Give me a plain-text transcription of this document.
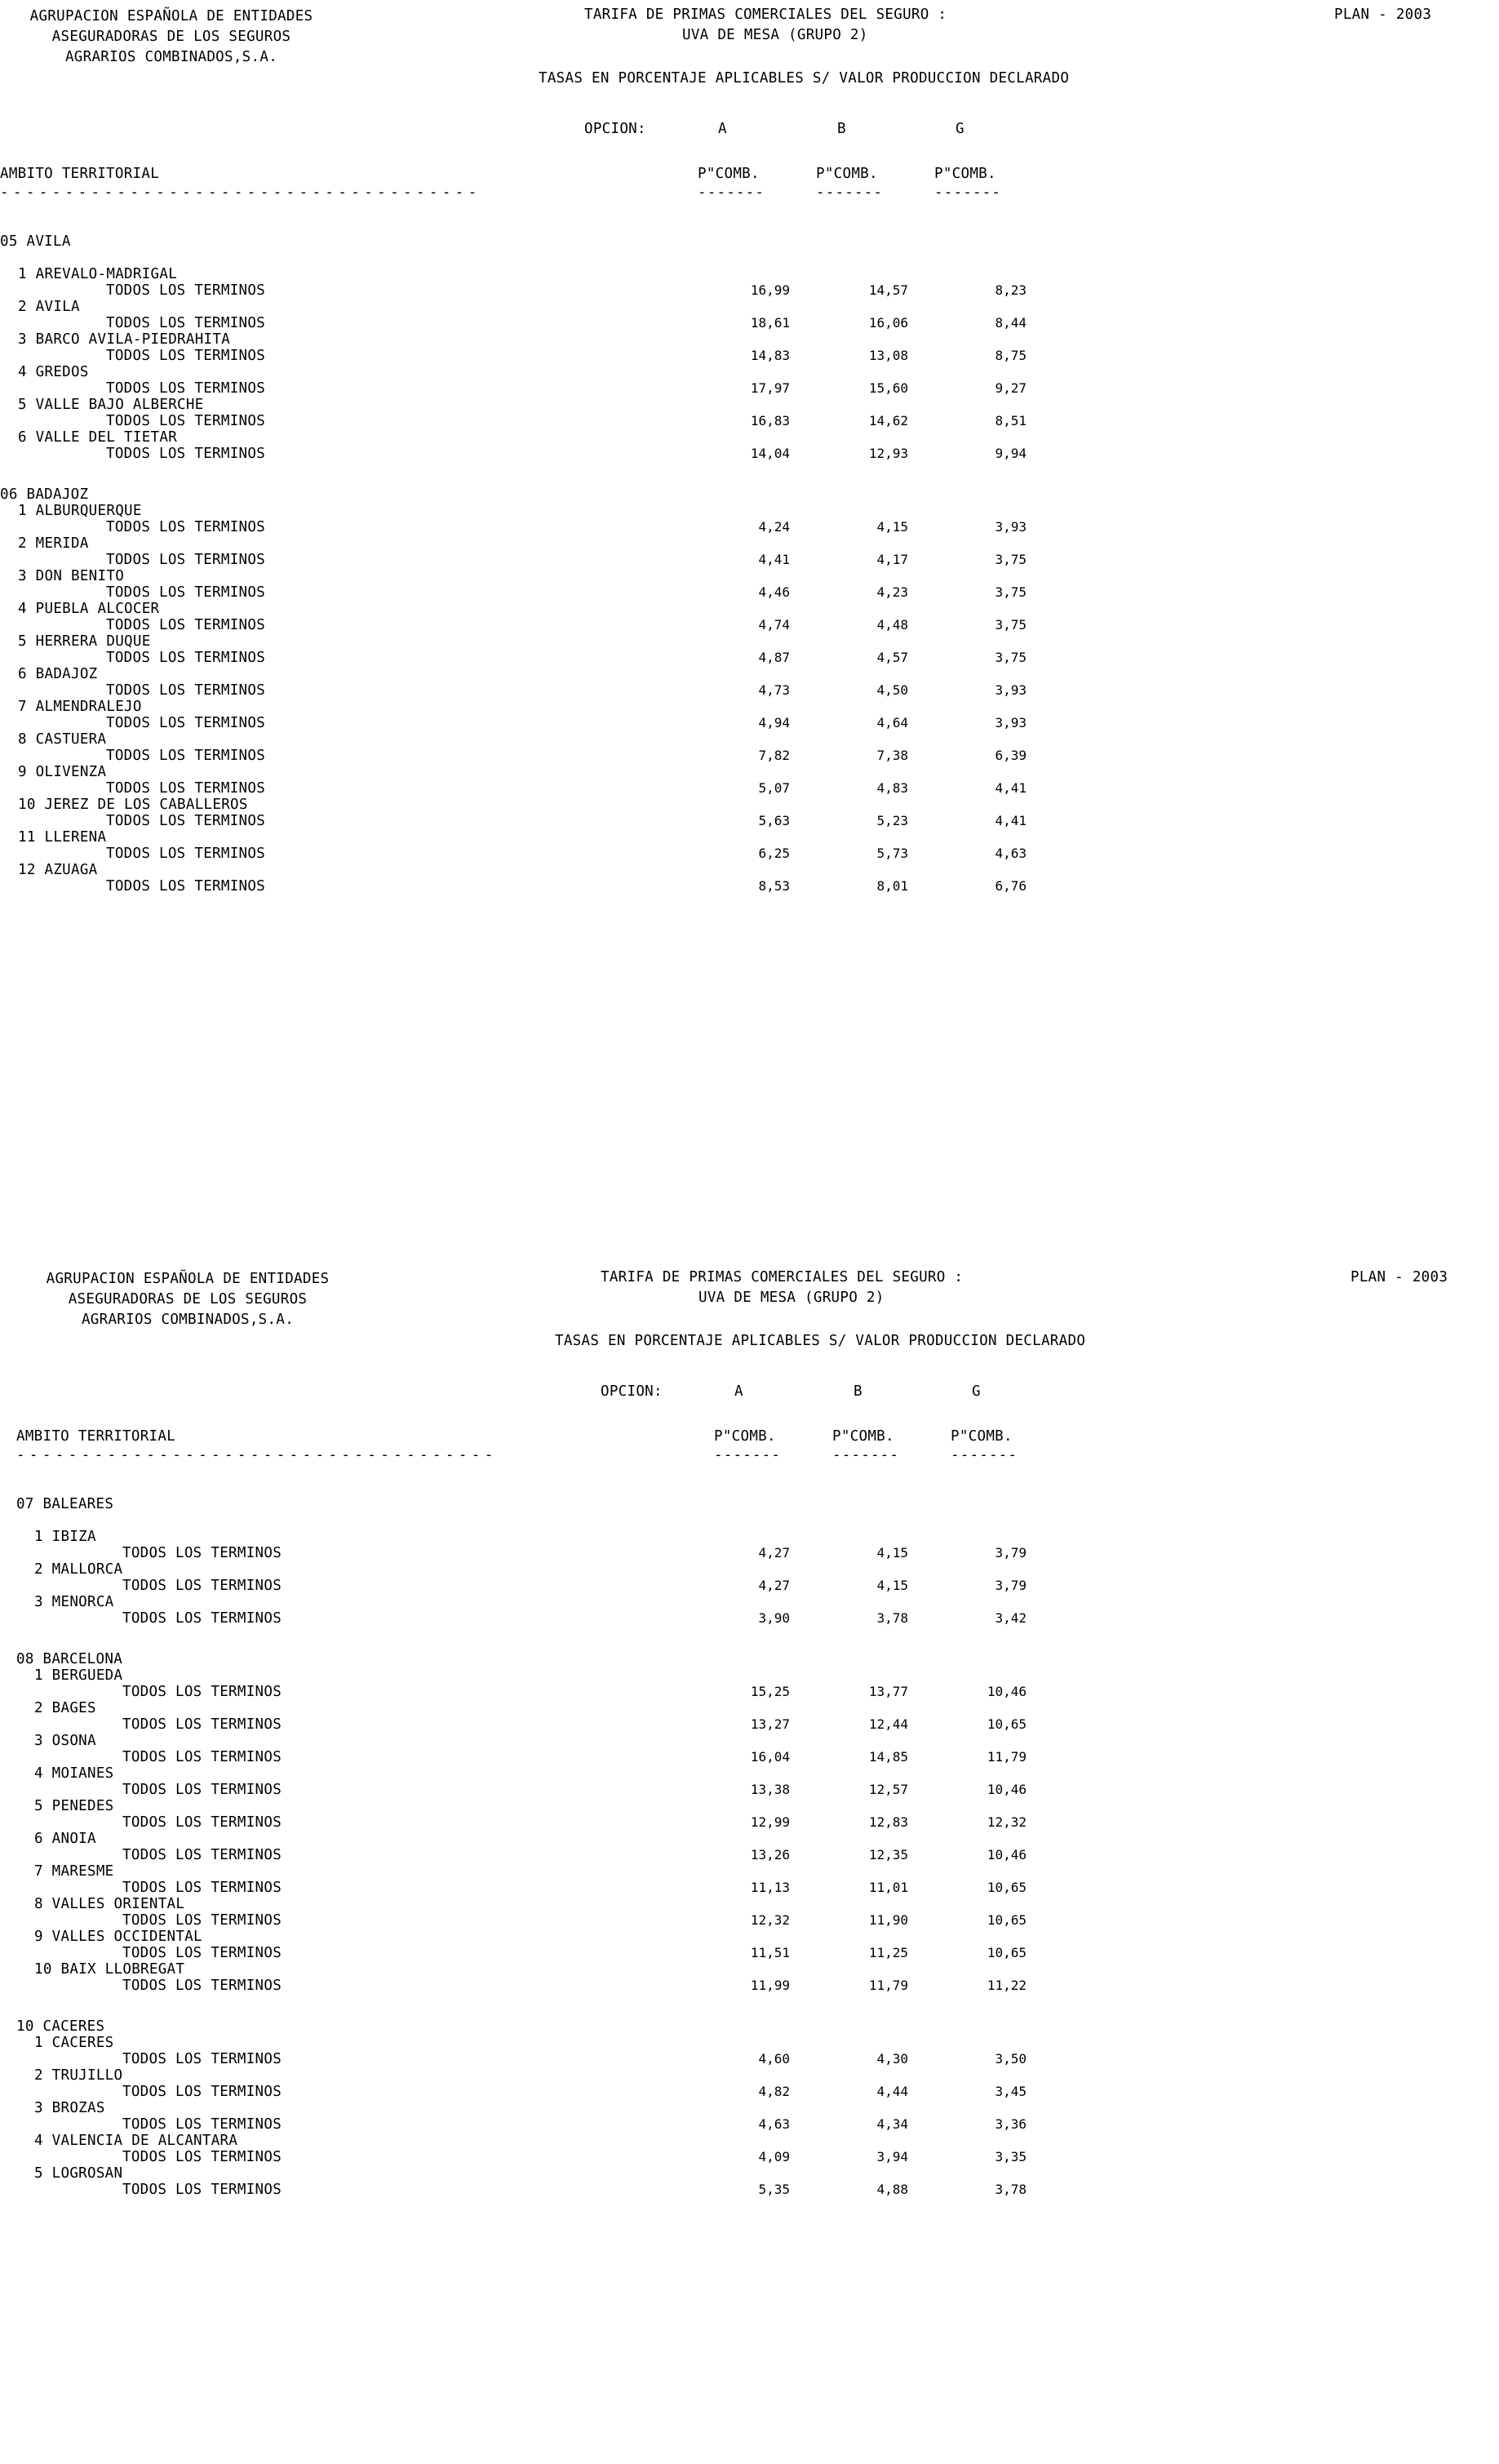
AGRUPACION ESPAÑOLA DE ENTIDADES
ASEGURADORAS DE LOS SEGUROS
AGRARIOS COMBINADOS,S.A.
TARIFA DE PRIMAS COMERCIALES DEL SEGURO :
UVA DE MESA (GRUPO 2)
PLAN - 2003
TASAS EN PORCENTAJE APLICABLES S/ VALOR PRODUCCION DECLARADO
OPCION:	A	B	G
AMBITO TERRITORIAL	P"COMB.	P"COMB.	P"COMB.
-------------------------------------	-------	-------	-------
05 AVILA
1 AREVALO-MADRIGAL
TODOS LOS TERMINOS	16,99	14,57	8,23
2 AVILA
TODOS LOS TERMINOS	18,61	16,06	8,44
3 BARCO AVILA-PIEDRAHITA
TODOS LOS TERMINOS	14,83	13,08	8,75
4 GREDOS
TODOS LOS TERMINOS	17,97	15,60	9,27
5 VALLE BAJO ALBERCHE
TODOS LOS TERMINOS	16,83	14,62	8,51
6 VALLE DEL TIETAR
TODOS LOS TERMINOS	14,04	12,93	9,94
06 BADAJOZ
1 ALBURQUERQUE
TODOS LOS TERMINOS	4,24	4,15	3,93
2 MERIDA
TODOS LOS TERMINOS	4,41	4,17	3,75
3 DON BENITO
TODOS LOS TERMINOS	4,46	4,23	3,75
4 PUEBLA ALCOCER
TODOS LOS TERMINOS	4,74	4,48	3,75
5 HERRERA DUQUE
TODOS LOS TERMINOS	4,87	4,57	3,75
6 BADAJOZ
TODOS LOS TERMINOS	4,73	4,50	3,93
7 ALMENDRALEJO
TODOS LOS TERMINOS	4,94	4,64	3,93
8 CASTUERA
TODOS LOS TERMINOS	7,82	7,38	6,39
9 OLIVENZA
TODOS LOS TERMINOS	5,07	4,83	4,41
10 JEREZ DE LOS CABALLEROS
TODOS LOS TERMINOS	5,63	5,23	4,41
11 LLERENA
TODOS LOS TERMINOS	6,25	5,73	4,63
12 AZUAGA
TODOS LOS TERMINOS	8,53	8,01	6,76
AGRUPACION ESPAÑOLA DE ENTIDADES
ASEGURADORAS DE LOS SEGUROS
AGRARIOS COMBINADOS,S.A.
TARIFA DE PRIMAS COMERCIALES DEL SEGURO :
UVA DE MESA (GRUPO 2)
PLAN - 2003
TASAS EN PORCENTAJE APLICABLES S/ VALOR PRODUCCION DECLARADO
OPCION:	A	B	G
AMBITO TERRITORIAL	P"COMB.	P"COMB.	P"COMB.
-------------------------------------	-------	-------	-------
07 BALEARES
1 IBIZA
TODOS LOS TERMINOS	4,27	4,15	3,79
2 MALLORCA
TODOS LOS TERMINOS	4,27	4,15	3,79
3 MENORCA
TODOS LOS TERMINOS	3,90	3,78	3,42
08 BARCELONA
1 BERGUEDA
TODOS LOS TERMINOS	15,25	13,77	10,46
2 BAGES
TODOS LOS TERMINOS	13,27	12,44	10,65
3 OSONA
TODOS LOS TERMINOS	16,04	14,85	11,79
4 MOIANES
TODOS LOS TERMINOS	13,38	12,57	10,46
5 PENEDES
TODOS LOS TERMINOS	12,99	12,83	12,32
6 ANOIA
TODOS LOS TERMINOS	13,26	12,35	10,46
7 MARESME
TODOS LOS TERMINOS	11,13	11,01	10,65
8 VALLES ORIENTAL
TODOS LOS TERMINOS	12,32	11,90	10,65
9 VALLES OCCIDENTAL
TODOS LOS TERMINOS	11,51	11,25	10,65
10 BAIX LLOBREGAT
TODOS LOS TERMINOS	11,99	11,79	11,22
10 CACERES
1 CACERES
TODOS LOS TERMINOS	4,60	4,30	3,50
2 TRUJILLO
TODOS LOS TERMINOS	4,82	4,44	3,45
3 BROZAS
TODOS LOS TERMINOS	4,63	4,34	3,36
4 VALENCIA DE ALCANTARA
TODOS LOS TERMINOS	4,09	3,94	3,35
5 LOGROSAN
TODOS LOS TERMINOS	5,35	4,88	3,78
